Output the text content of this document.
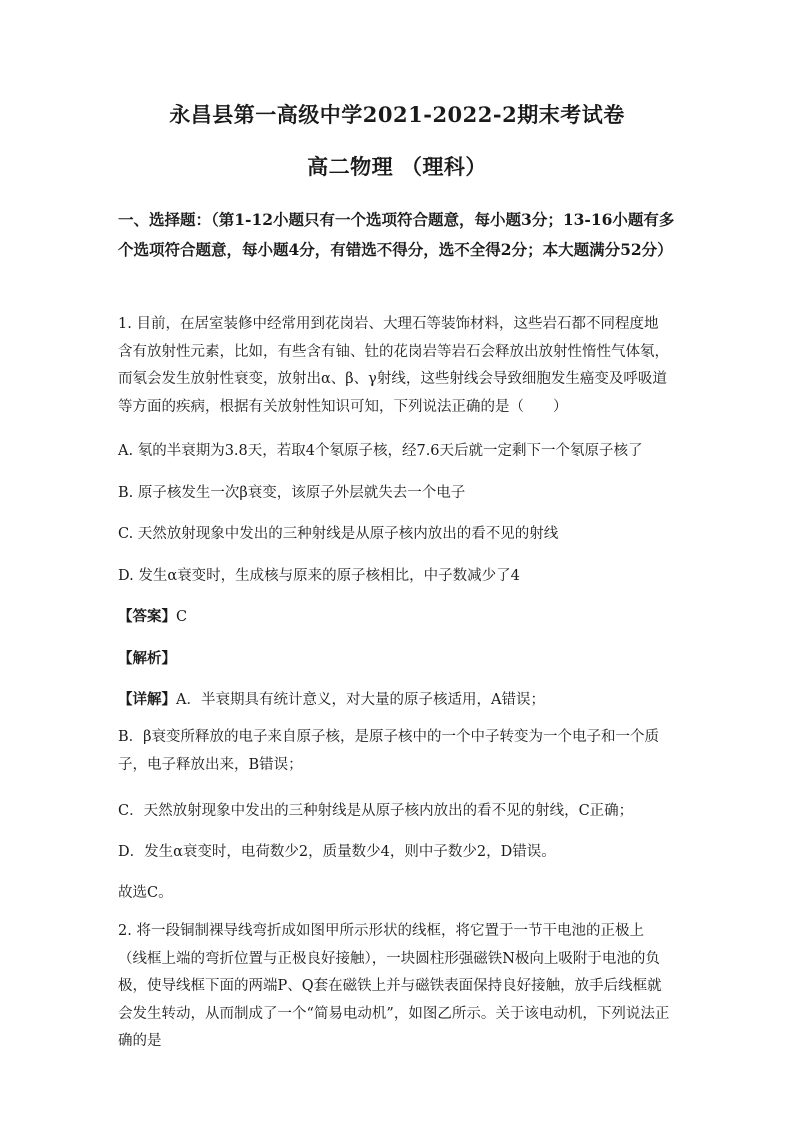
永昌县第一高级中学2021-2022-2期末考试卷
高二物理 （理科）
一、选择题：（第1-12小题只有一个选项符合题意，每小题3分；13-16小题有多个选项符合题意，每小题4分，有错选不得分，选不全得2分；本大题满分52分）
1. 目前，在居室装修中经常用到花岗岩、大理石等装饰材料，这些岩石都不同程度地含有放射性元素，比如，有些含有铀、钍的花岗岩等岩石会释放出放射性惰性气体氡，而氡会发生放射性衰变，放射出α、β、γ射线，这些射线会导致细胞发生癌变及呼吸道等方面的疾病，根据有关放射性知识可知，下列说法正确的是（　　）
A. 氡的半衰期为3.8天，若取4个氡原子核，经7.6天后就一定剩下一个氡原子核了
B. 原子核发生一次β衰变，该原子外层就失去一个电子
C. 天然放射现象中发出的三种射线是从原子核内放出的看不见的射线
D. 发生α衰变时，生成核与原来的原子核相比，中子数减少了4
【答案】C
【解析】
【详解】A．半衰期具有统计意义，对大量的原子核适用，A错误；
B．β衰变所释放的电子来自原子核，是原子核中的一个中子转变为一个电子和一个质子，电子释放出来，B错误；
C．天然放射现象中发出的三种射线是从原子核内放出的看不见的射线，C正确；
D．发生α衰变时，电荷数少2，质量数少4，则中子数少2，D错误。
故选C。
2. 将一段铜制裸导线弯折成如图甲所示形状的线框，将它置于一节干电池的正极上（线框上端的弯折位置与正极良好接触），一块圆柱形强磁铁N极向上吸附于电池的负极，使导线框下面的两端P、Q套在磁铁上并与磁铁表面保持良好接触，放手后线框就会发生转动，从而制成了一个“简易电动机”，如图乙所示。关于该电动机，下列说法正确的是
